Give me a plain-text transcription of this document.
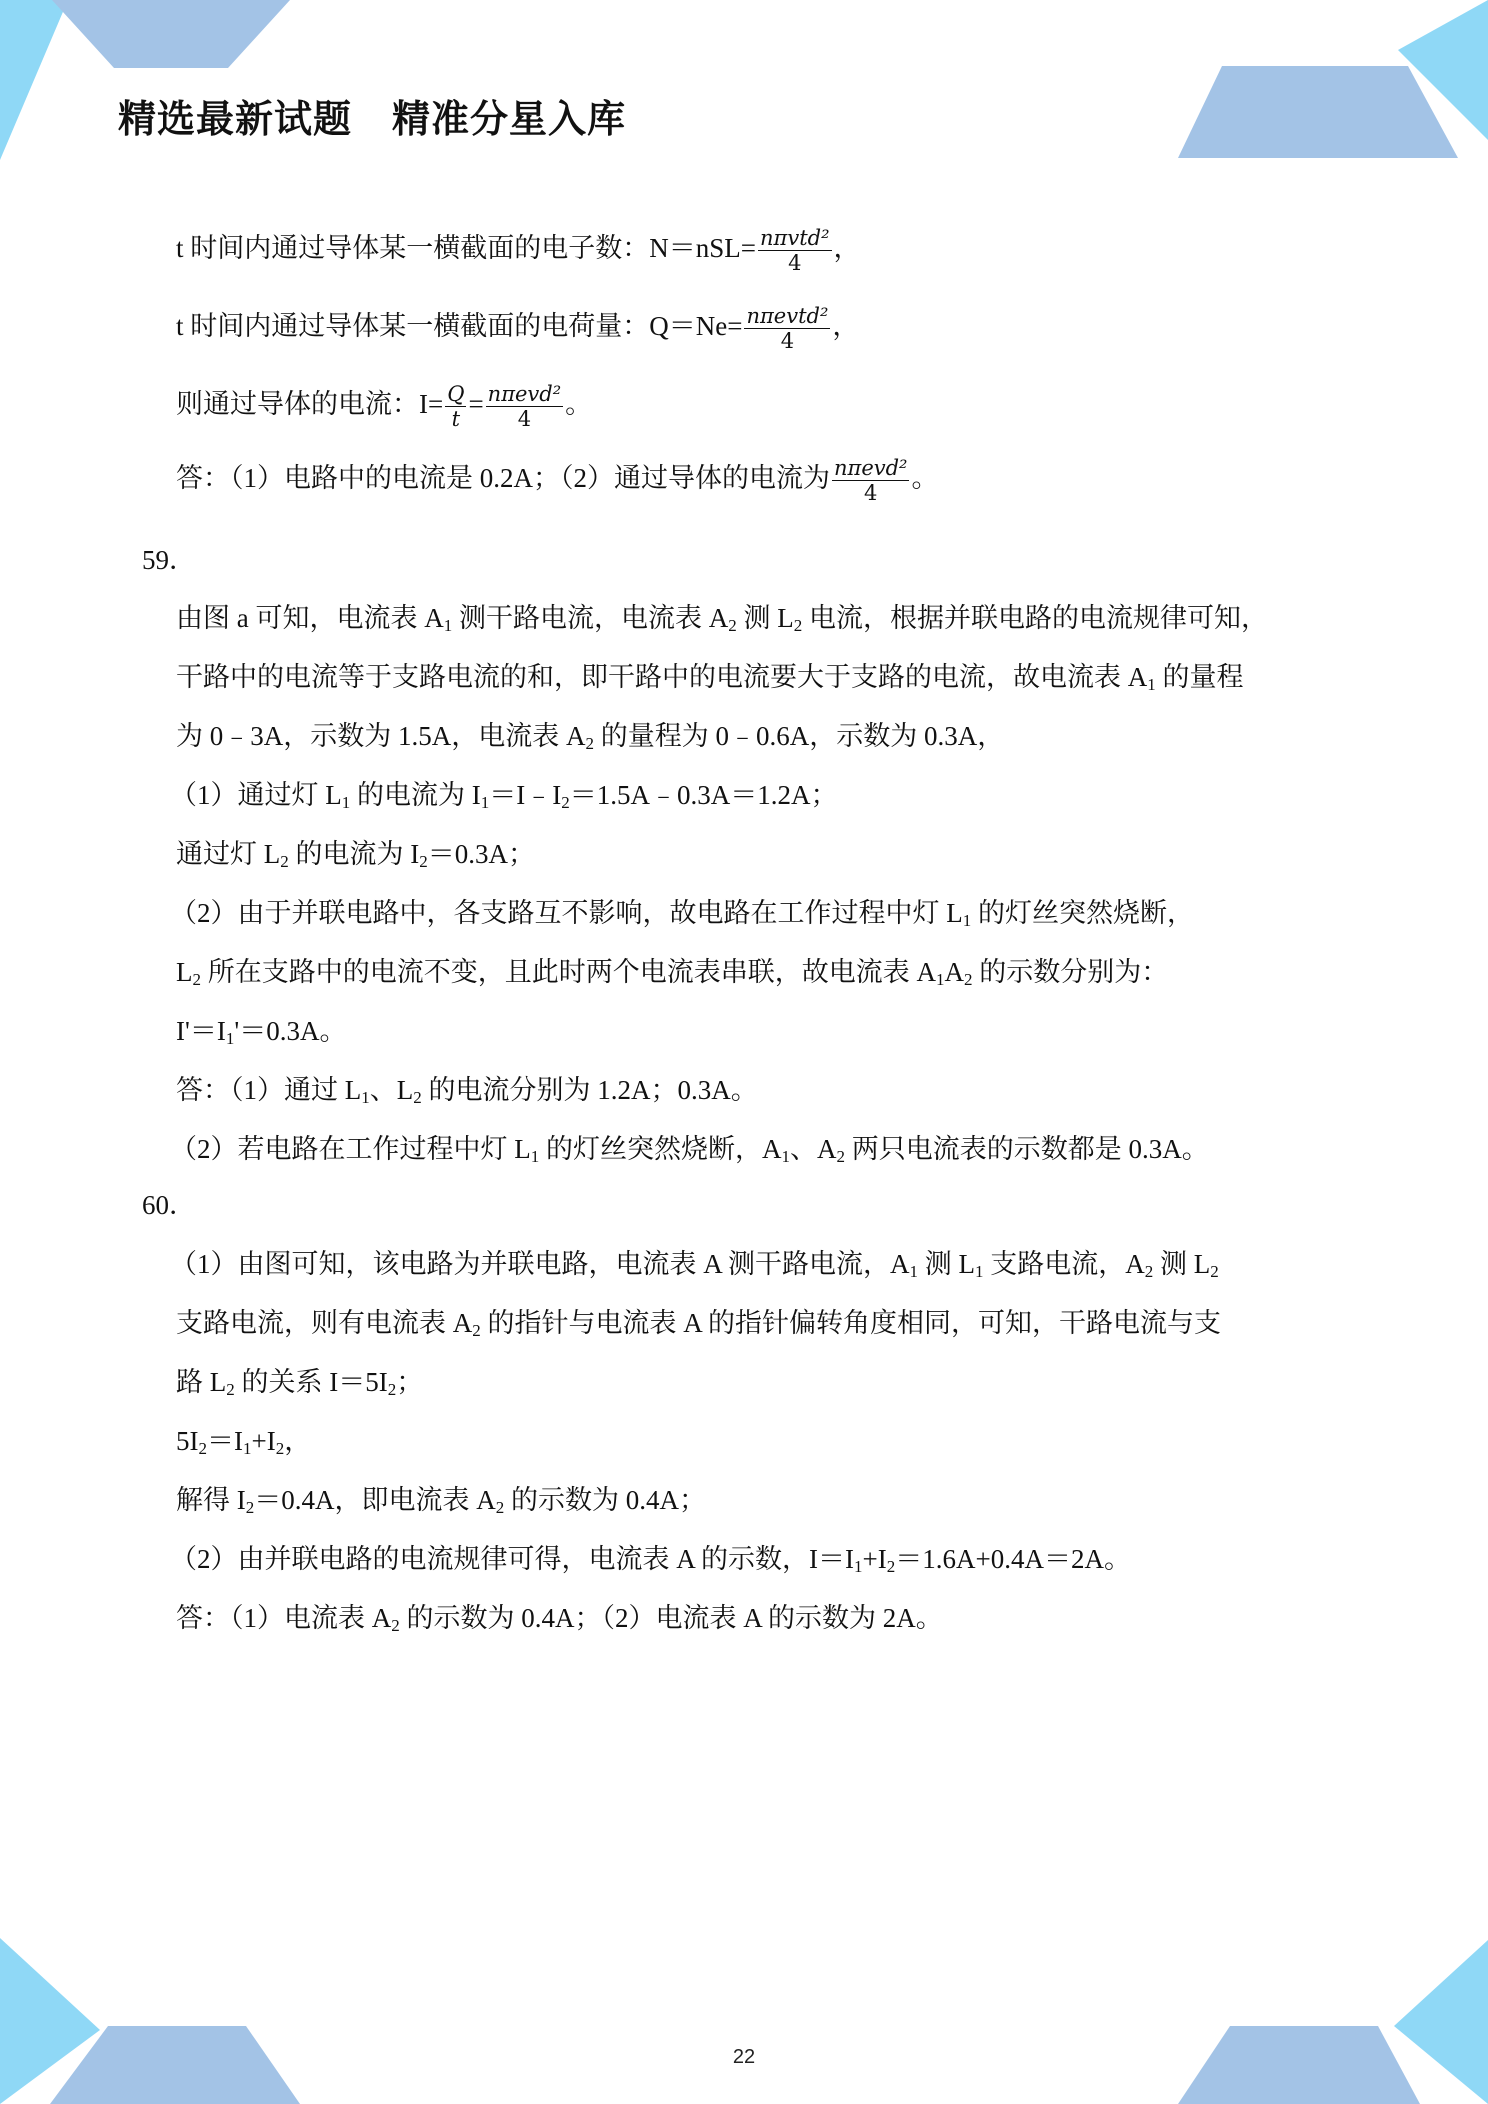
精选最新试题 精准分星入库
t 时间内通过导体某一横截面的电子数：$N=nSL= \frac{\text{nπvtd²}}{4}$ ，
t 时间内通过导体某一横截面的电荷量：$Q=Ne= \frac{\text{nπevtd²}}{4}$ ，
则通过导体的电流：$I= \frac{Q}{t} = \frac{\text{nπevd²}}{4}$ 。
答：（1）电路中的电流是 0.2A；（2）通过导体的电流为 $\frac{\text{nπevd²}}{4}$ 。
59．
由图 a 可知，电流表 $A_1$ 测干路电流，电流表 $A_2$ 测 $L_2$ 电流，根据并联电路的电流规律可知，
干路中的电流等于支路电流的和，即干路中的电流要大于支路的电流，故电流表 $A_1$ 的量程
为 0﹣3A，示数为 1.5A，电流表 $A_2$ 的量程为 0﹣0.6A，示数为 0.3A，
（1）通过灯 $L_1$ 的电流为 $I_1=I﹣I_2=1.5A﹣0.3A=1.2A$；
通过灯 $L_2$ 的电流为 $I_2=0.3A$；
（2）由于并联电路中，各支路互不影响，故电路在工作过程中灯 $L_1$ 的灯丝突然烧断，
$L_2$ 所在支路中的电流不变，且此时两个电流表串联，故电流表 $A_1A_2$ 的示数分别为：
$I'=I_1'=0.3A$。
答：（1）通过 $L_1$、$L_2$ 的电流分别为 1.2A；0.3A。
（2）若电路在工作过程中灯 $L_1$ 的灯丝突然烧断，$A_1$、$A_2$ 两只电流表的示数都是 0.3A。
60．
（1）由图可知，该电路为并联电路，电流表 A 测干路电流，$A_1$ 测 $L_1$ 支路电流，$A_2$ 测 $L_2$
支路电流，则有电流表 $A_2$ 的指针与电流表 A 的指针偏转角度相同，可知，干路电流与支
路 $L_2$ 的关系 $I=5I_2$；
$5I_2=I_1+I_2$，
解得 $I_2=0.4A$，即电流表 $A_2$ 的示数为 0.4A；
（2）由并联电路的电流规律可得，电流表 A 的示数，$I=I_1+I_2=1.6A+0.4A=2A$。
答：（1）电流表 $A_2$ 的示数为 0.4A；（2）电流表 A 的示数为 2A。
22
